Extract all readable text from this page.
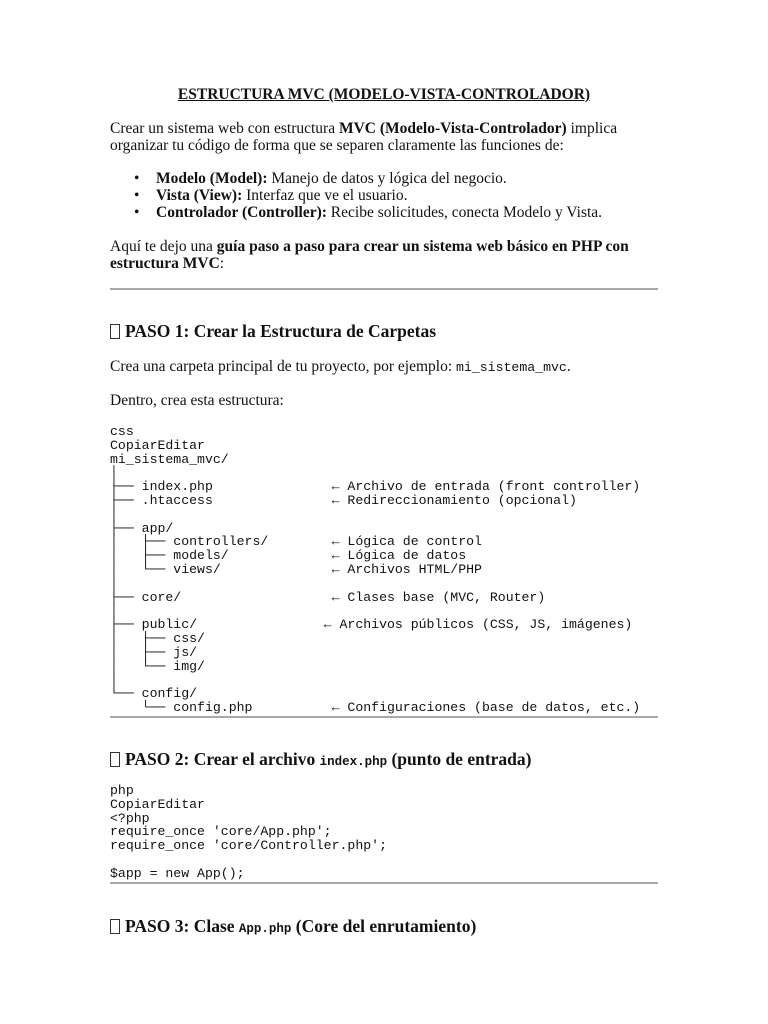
ESTRUCTURA MVC (MODELO-VISTA-CONTROLADOR)
Crear un sistema web con estructura MVC (Modelo-Vista-Controlador) implica organizar tu código de forma que se separen claramente las funciones de:
• Modelo (Model): Manejo de datos y lógica del negocio.
• Vista (View): Interfaz que ve el usuario.
• Controlador (Controller): Recibe solicitudes, conecta Modelo y Vista.
Aquí te dejo una guía paso a paso para crear un sistema web básico en PHP con estructura MVC:
PASO 1: Crear la Estructura de Carpetas
Crea una carpeta principal de tu proyecto, por ejemplo: mi_sistema_mvc.
Dentro, crea esta estructura:
css
CopiarEditar
mi_sistema_mvc/
│
├── index.php               ← Archivo de entrada (front controller)
├── .htaccess               ← Redireccionamiento (opcional)
│
├── app/
│   ├── controllers/        ← Lógica de control
│   ├── models/             ← Lógica de datos
│   └── views/              ← Archivos HTML/PHP
│
├── core/                   ← Clases base (MVC, Router)
│
├── public/                ← Archivos públicos (CSS, JS, imágenes)
│   ├── css/
│   ├── js/
│   └── img/
│
└── config/
└── config.php          ← Configuraciones (base de datos, etc.)
PASO 2: Crear el archivo index.php (punto de entrada)
php
CopiarEditar
<?php
require_once 'core/App.php';
require_once 'core/Controller.php';

$app = new App();
PASO 3: Clase App.php (Core del enrutamiento)
